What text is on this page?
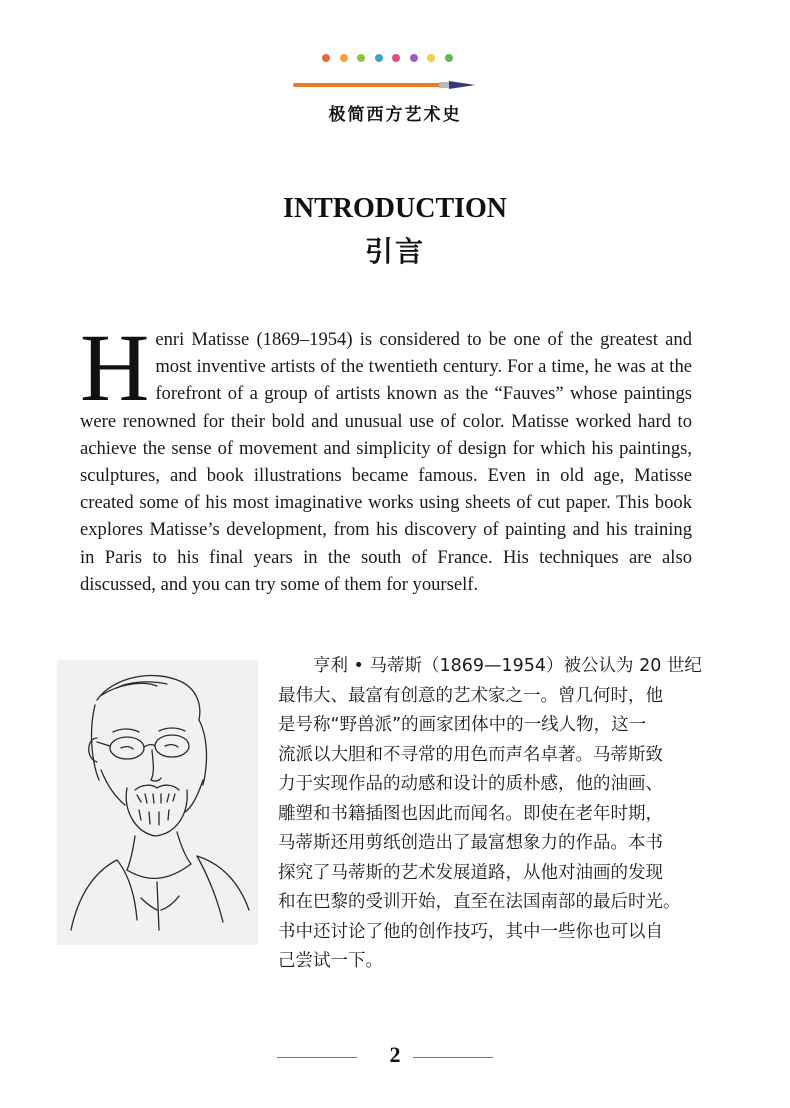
极简西方艺术史
INTRODUCTION
引言
Henri Matisse (1869–1954) is considered to be one of the greatest and most inventive artists of the twentieth century. For a time, he was at the forefront of a group of artists known as the “Fauves” whose paintings were renowned for their bold and unusual use of color. Matisse worked hard to achieve the sense of movement and simplicity of design for which his paintings, sculptures, and book illustrations became famous. Even in old age, Matisse created some of his most imaginative works using sheets of cut paper. This book explores Matisse’s development, from his discovery of painting and his training in Paris to his final years in the south of France. His techniques are also discussed, and you can try some of them for yourself.
　　亨利 • 马蒂斯（1869—1954）被公认为 20 世纪
最伟大、最富有创意的艺术家之一。曾几何时，他
是号称“野兽派”的画家团体中的一线人物，这一
流派以大胆和不寻常的用色而声名卓著。马蒂斯致
力于实现作品的动感和设计的质朴感，他的油画、
雕塑和书籍插图也因此而闻名。即使在老年时期，
马蒂斯还用剪纸创造出了最富想象力的作品。本书
探究了马蒂斯的艺术发展道路，从他对油画的发现
和在巴黎的受训开始，直至在法国南部的最后时光。
书中还讨论了他的创作技巧，其中一些你也可以自
己尝试一下。
2
